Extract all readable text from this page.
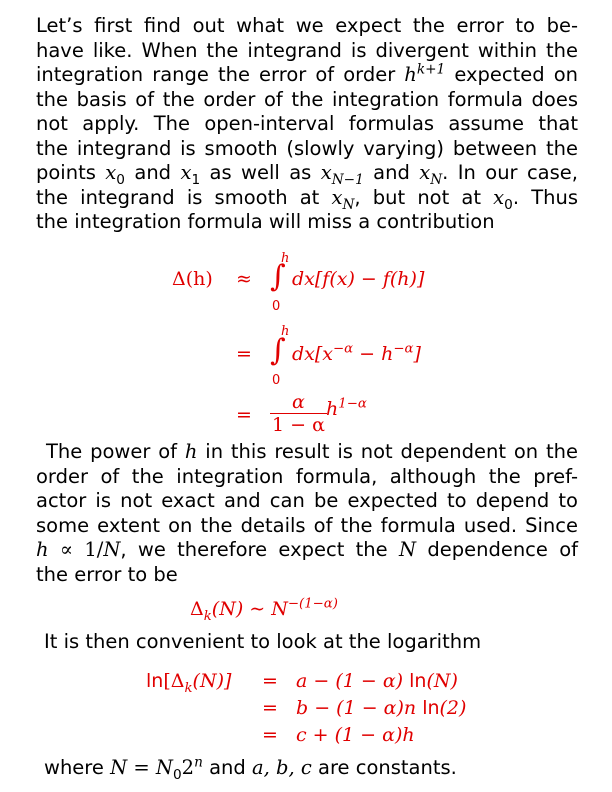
Let’s first find out what we expect the error to be-
have like. When the integrand is divergent within the
integration range the error of order $h^{k+1}$ expected on
the basis of the order of the integration formula does
not apply. The open-interval formulas assume that
the integrand is smooth (slowly varying) between the
points $x_0$ and $x_1$ as well as $x_{N-1}$ and $x_N$. In our case,
the integrand is smooth at $x_N$, but not at $x_0$. Thus
the integration formula will miss a contribution
Δ(h) ≈
h
∫
0
dx[f(x) − f(h)]
=
h
∫
0
$dx[x^{-\alpha} - h^{-\alpha}]$
= $\frac{\alpha}{1 - \alpha} h^{1-\alpha}$
The power of h in this result is not dependent on the
order of the integration formula, although the pref-
actor is not exact and can be expected to depend to
some extent on the details of the formula used. Since
h ∝ 1/N, we therefore expect the N dependence of
the error to be
$\Delta_k(N)$ ∼ $N^{-(1-\alpha)}$
It is then convenient to look at the logarithm
$\ln[\Delta_k(N)] = a - (1 - \alpha)$ ln(N)
= b − (1 − α)n ln(2)
= c + (1 − α)h
where $N = N_02^n$ and a, b, c are constants.
